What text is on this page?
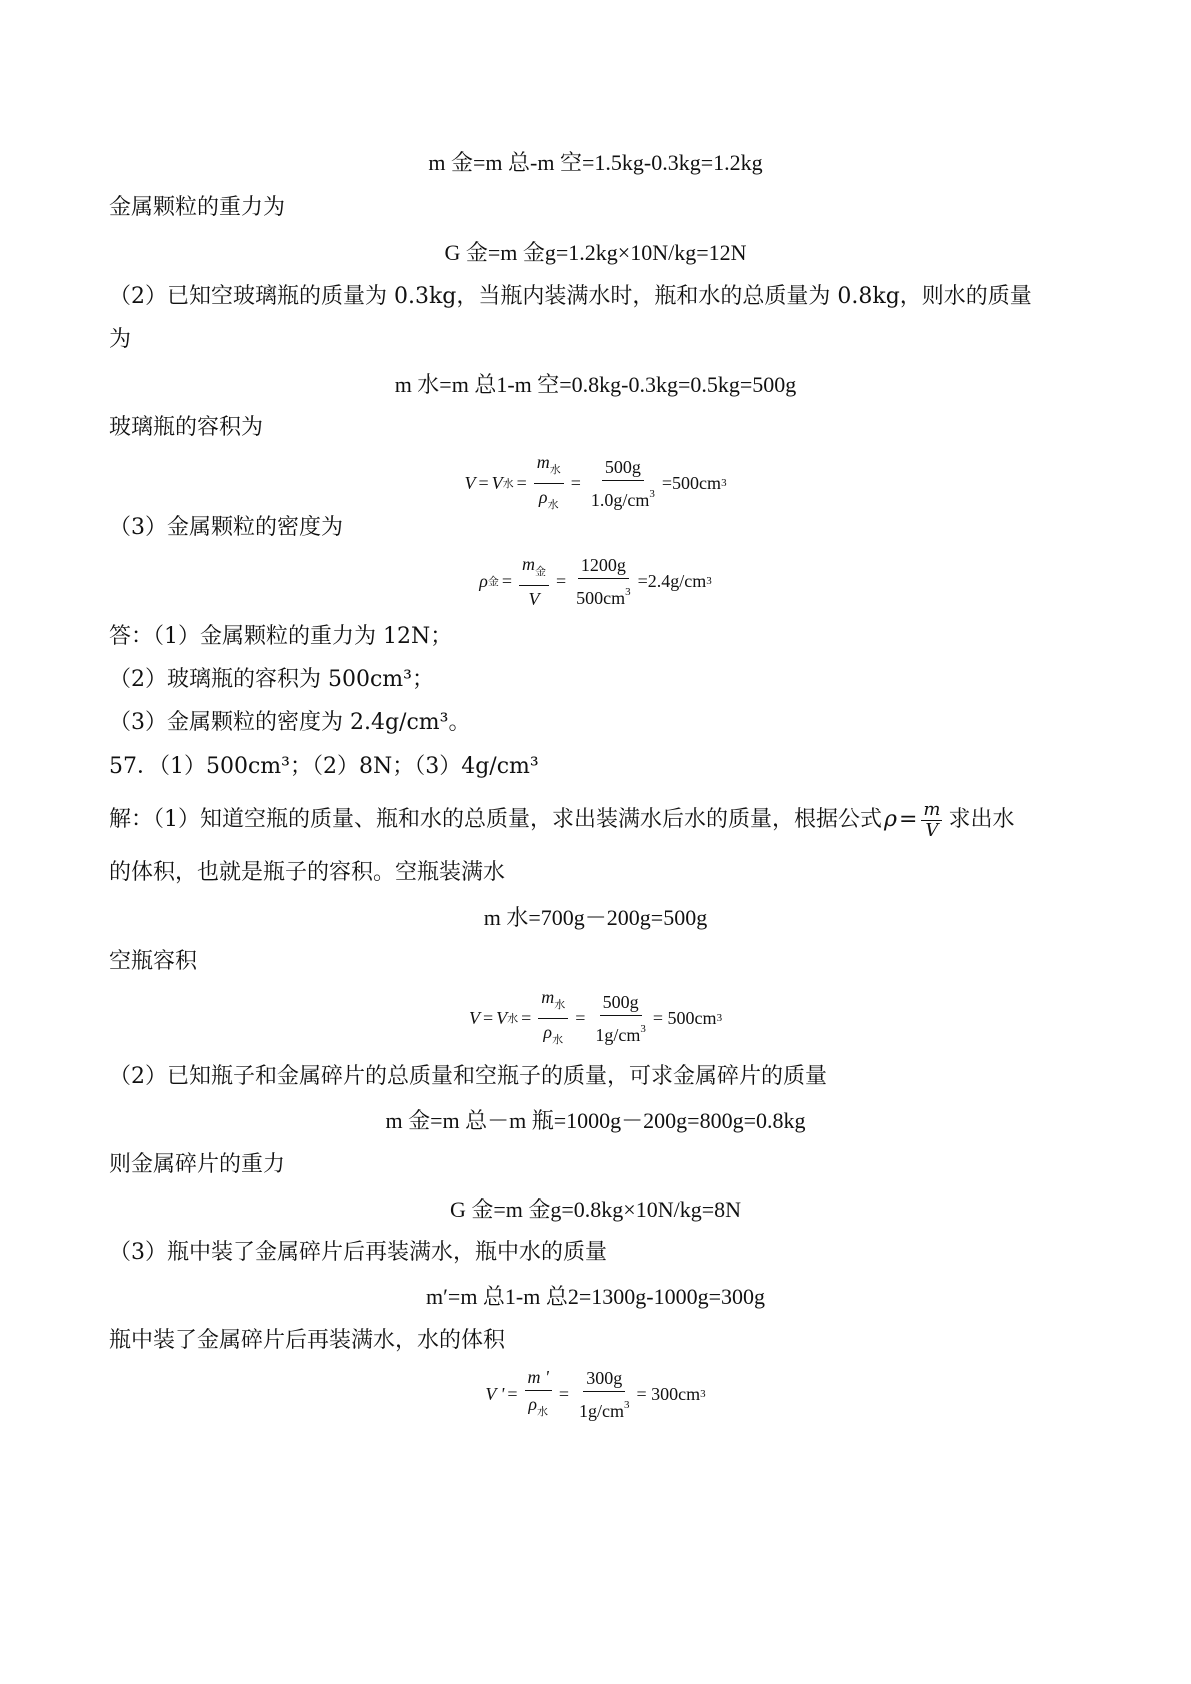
m 金=m 总-m 空=1.5kg-0.3kg=1.2kg
金属颗粒的重力为
G 金=m 金g=1.2kg×10N/kg=12N
（2）已知空玻璃瓶的质量为 0.3kg，当瓶内装满水时，瓶和水的总质量为 0.8kg，则水的质量
为
m 水=m 总1-m 空=0.8kg-0.3kg=0.5kg=500g
玻璃瓶的容积为
V = V 水 = $\frac{m_水}{\rho_水} = \frac{500g}{1.0g/cm^3} =500cm$ 3
（3）金属颗粒的密度为
ρ 金 = $\frac{m_金}{V} = \frac{1200g}{500cm^3} =2.4g/cm$ 3
答：（1）金属颗粒的重力为 12N；
（2）玻璃瓶的容积为 500cm³；
（3）金属颗粒的密度为 2.4g/cm³。
57．（1）500cm³；（2）8N；（3）4g/cm³
解：（1）知道空瓶的质量、瓶和水的总质量，求出装满水后水的质量，根据公式 $\rho = \frac{m}{V}$ 求出水
的体积，也就是瓶子的容积。空瓶装满水
m 水=700g－200g=500g
空瓶容积
V = V 水 = $\frac{m_水}{\rho_水} = \frac{500g}{1g/cm^3} = 500cm$ 3
（2）已知瓶子和金属碎片的总质量和空瓶子的质量，可求金属碎片的质量
m 金=m 总－m 瓶=1000g－200g=800g=0.8kg
则金属碎片的重力
G 金=m 金g=0.8kg×10N/kg=8N
（3）瓶中装了金属碎片后再装满水，瓶中水的质量
m′=m 总1-m 总2=1300g-1000g=300g
瓶中装了金属碎片后再装满水，水的体积
V ' = $\frac{m '}{\rho_水} = \frac{300g}{1g/cm^3} = 300cm$ 3
